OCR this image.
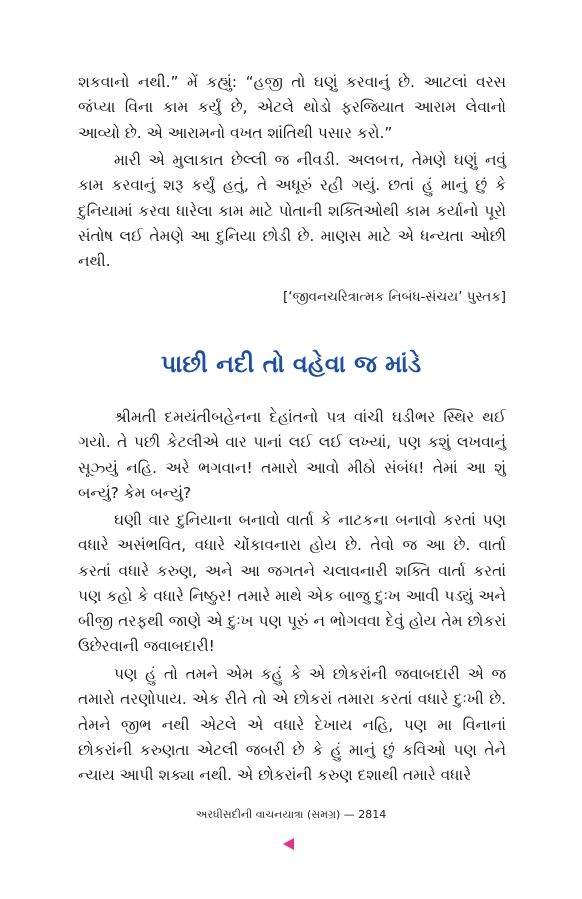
શકવાનો નથી.” મેં કહ્યું: “હજી તો ઘણું કરવાનું છે. આટલાં વરસ જંપ્યા વિના કામ કર્યું છે, એટલે થોડો ફરજિયાત આરામ લેવાનો આવ્યો છે. એ આરામનો વખત શાંતિથી પસાર કરો.”

મારી એ મુલાકાત છેલ્લી જ નીવડી. અલબત્ત, તેમણે ઘણું નવું કામ કરવાનું શરૂ કર્યું હતું, તે અધૂરું રહી ગયું. છતાં હું માનું છું કે દુનિયામાં કરવા ધારેલા કામ માટે પોતાની શક્તિઓથી કામ કર્યાનો પૂરો સંતોષ લઈ તેમણે આ દુનિયા છોડી છે. માણસ માટે એ ધન્યતા ઓછી નથી.

[‘જીવનચરિત્રાત્મક નિબંધ-સંચય’ પુસ્તક]

પાછી નદી તો વહેવા જ માંડે

શ્રીમતી દમયંતીબહેનના દેહાંતનો પત્ર વાંચી ઘડીભર સ્થિર થઈ ગયો. તે પછી કેટલીએ વાર પાનાં લઈ લઈ લખ્યાં, પણ કશું લખવાનું સૂઝ્યું નહિ. અરે ભગવાન! તમારો આવો મીઠો સંબંધ! તેમાં આ શું બન્યું? કેમ બન્યું?

ઘણી વાર દુનિયાના બનાવો વાર્તા કે નાટકના બનાવો કરતાં પણ વધારે અસંભવિત, વધારે ચોંકાવનારા હોય છે. તેવો જ આ છે. વાર્તા કરતાં વધારે કરુણ, અને આ જગતને ચલાવનારી શક્તિ વાર્તા કરતાં પણ કહો કે વધારે નિષ્ઠુર! તમારે માથે એક બાજુ દુઃખ આવી પડ્યું અને બીજી તરફથી જાણે એ દુઃખ પણ પૂરું ન ભોગવવા દેવું હોય તેમ છોકરાં ઉછેરવાની જવાબદારી!

પણ હું તો તમને એમ કહું કે એ છોકરાંની જવાબદારી એ જ તમારો તરણોપાય. એક રીતે તો એ છોકરાં તમારા કરતાં વધારે દુઃખી છે. તેમને જીભ નથી એટલે એ વધારે દેખાય નહિ, પણ મા વિનાનાં છોકરાંની કરુણતા એટલી જબરી છે કે હું માનું છું કવિઓ પણ તેને ન્યાય આપી શક્યા નથી. એ છોકરાંની કરુણ દશાથી તમારે વધારે

અરધીસદીની વાચનયાત્રા (સમગ્ર) — 2814
